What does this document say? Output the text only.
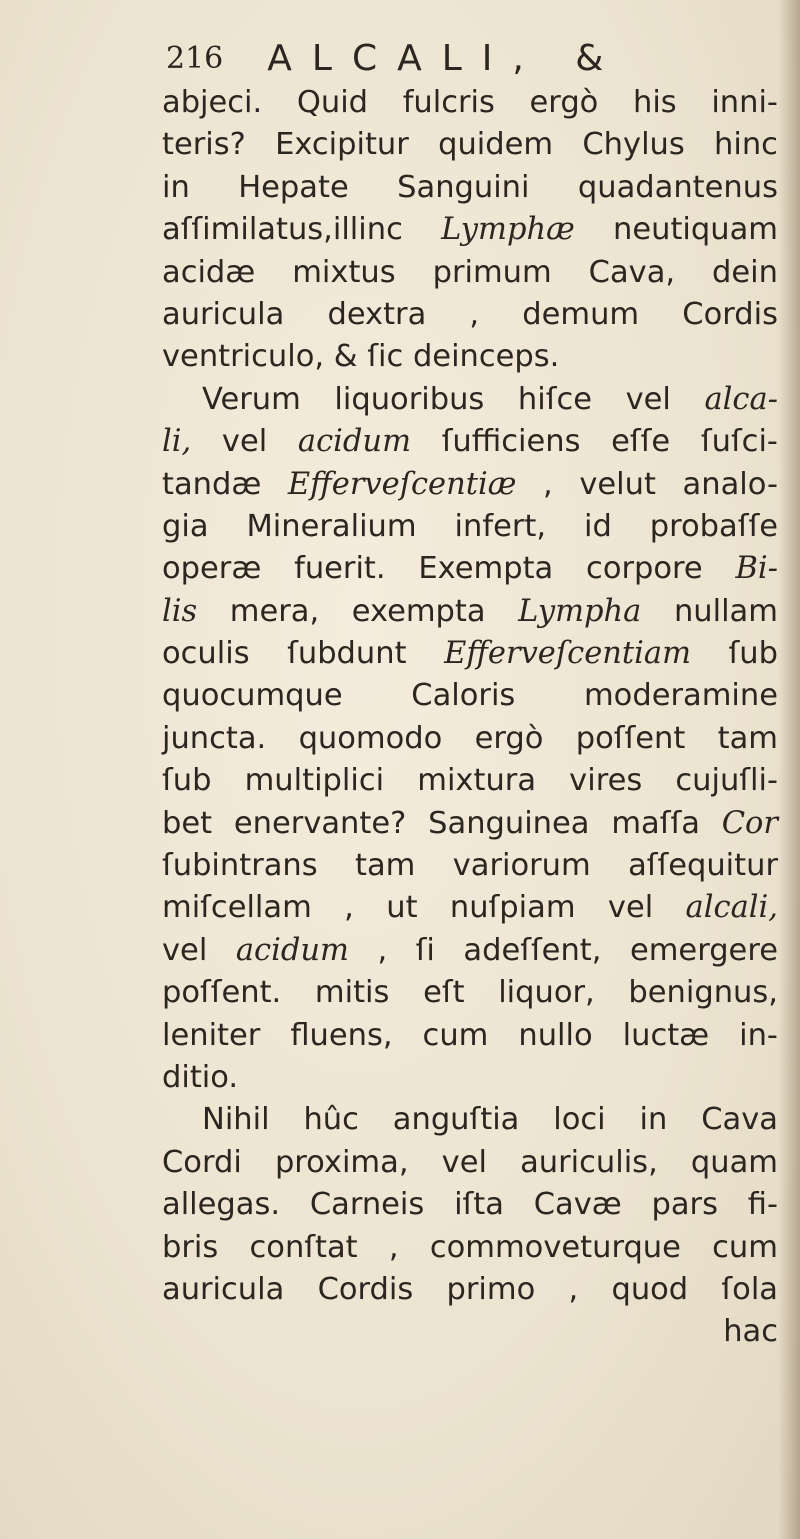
216 ALCALI, &
abjeci. Quid fulcris ergò his inni-
teris? Excipitur quidem Chylus hinc
in Hepate Sanguini quadantenus
aſſimilatus,illinc Lymphæ neutiquam
acidæ mixtus primum Cava, dein
auricula dextra , demum Cordis
ventriculo,
&
ſic
deinceps.
Verum liquoribus hiſce vel alca-
li, vel acidum ſufficiens eſſe ſuſci-
tandæ Efferveſcentiæ , velut analo-
gia Mineralium infert, id probaſſe
operæ fuerit. Exempta corpore Bi-
lis mera, exempta Lympha nullam
oculis ſubdunt Efferveſcentiam ſub
quocumque Caloris moderamine
juncta. quomodo ergò poſſent tam
ſub multiplici mixtura vires cujuſli-
bet enervante? Sanguinea maſſa Cor
ſubintrans tam variorum aſſequitur
miſcellam , ut nuſpiam vel alcali,
vel acidum , ſi adeſſent, emergere
poſſent. mitis eſt liquor, benignus,
leniter fluens, cum nullo luctæ in-
ditio.
Nihil hûc anguſtia loci in Cava
Cordi proxima, vel auriculis, quam
allegas. Carneis iſta Cavæ pars fi-
bris conſtat , commoveturque cum
auricula Cordis primo , quod ſola
hac
